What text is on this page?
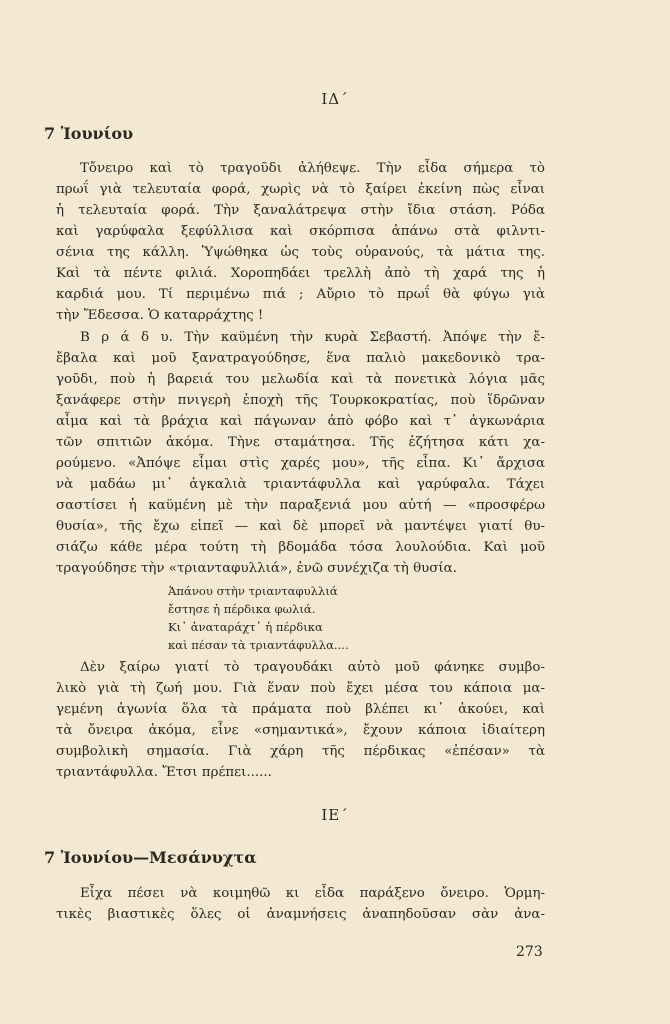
ΙΔ΄
7 Ἰουνίου
Τὄνειρο καὶ τὸ τραγοῦδι ἀλήθεψε. Τὴν εἶδα σήμερα τὸ
πρωΐ γιὰ τελευταία φορά, χωρὶς νὰ τὸ ξαίρει ἐκείνη πὼς εἶναι
ἡ τελευταία φορά. Τὴν ξαναλάτρεψα στὴν ἴδια στάση. Ρόδα
καὶ γαρύφαλα ξεφύλλισα καὶ σκόρπισα ἀπάνω στὰ φιλντι-
σένια της κάλλη. Ὑψώθηκα ὡς τοὺς οὐρανούς, τὰ μάτια της.
Καὶ τὰ πέντε φιλιά. Χοροπηδάει τρελλὴ ἀπὸ τὴ χαρά της ἡ
καρδιά μου. Τί περιμένω πιά ; Αὔριο τὸ πρωΐ θὰ φύγω γιὰ
τὴν Ἔδεσσα. Ὁ καταρράχτης !
Β ρ ά δ υ. Τὴν καϋμένη τὴν κυρὰ Σεβαστή. Ἀπόψε τὴν ἔ-
ἔβαλα καὶ μοῦ ξανατραγούδησε, ἕνα παλιὸ μακεδονικὸ τρα-
γοῦδι, ποὺ ἡ βαρειά του μελωδία καὶ τὰ πονετικὰ λόγια μᾶς
ξανάφερε στὴν πνιγερὴ ἐποχὴ τῆς Τουρκοκρατίας, ποὺ ἵδρῶναν
αἷμα καὶ τὰ βράχια καὶ πάγωναν ἀπὸ φόβο καὶ τ᾽ ἀγκωνάρια
τῶν σπιτιῶν ἀκόμα. Τὴνε σταμάτησα. Τῆς ἐζήτησα κάτι χα-
ρούμενο. «Ἀπόψε εἶμαι στὶς χαρές μου», τῆς εἶπα. Κι᾽ ἄρχισα
νὰ μαδάω μι᾽ ἀγκαλιὰ τριαντάφυλλα καὶ γαρύφαλα. Τάχει
σαστίσει ἡ καϋμένη μὲ τὴν παραξενιά μου αὐτή — «προσφέρω
θυσία», τῆς ἔχω εἰπεῖ — καὶ δὲ μπορεῖ νὰ μαντέψει γιατί θυ-
σιάζω κάθε μέρα τούτη τὴ βδομάδα τόσα λουλούδια. Καὶ μοῦ
τραγούδησε τὴν «τριανταφυλλιά», ἐνῶ συνέχιζα τὴ θυσία.
Ἀπάνου στὴν τριανταφυλλιά
ἔστησε ἡ πέρδικα φωλιά.
Κι᾽ ἀναταράχτ᾽ ἡ πέρδικα
καὶ πέσαν τὰ τριαντάφυλλα....
Δὲν ξαίρω γιατί τὸ τραγουδάκι αὐτὸ μοῦ φάνηκε συμβο-
λικὸ γιὰ τὴ ζωή μου. Γιὰ ἕναν ποὺ ἔχει μέσα του κάποια μα-
γεμένη ἀγωνία ὅλα τὰ πράματα ποὺ βλέπει κι᾽ ἀκούει, καὶ
τὰ ὄνειρα ἀκόμα, εἶνε «σημαντικά», ἔχουν κάποια ἰδιαίτερη
συμβολικὴ σημασία. Γιὰ χάρη τῆς πέρδικας «ἐπέσαν» τὰ
τριαντάφυλλα. Ἔτσι πρέπει......
ΙΕ΄
7 Ἰουνίου—Μεσάνυχτα
Εἶχα πέσει νὰ κοιμηθῶ κι εἶδα παράξενο ὄνειρο. Ὁρμη-
τικὲς βιαστικὲς ὅλες οἱ ἀναμνήσεις ἀναπηδοῦσαν σὰν ἀνα-
273
